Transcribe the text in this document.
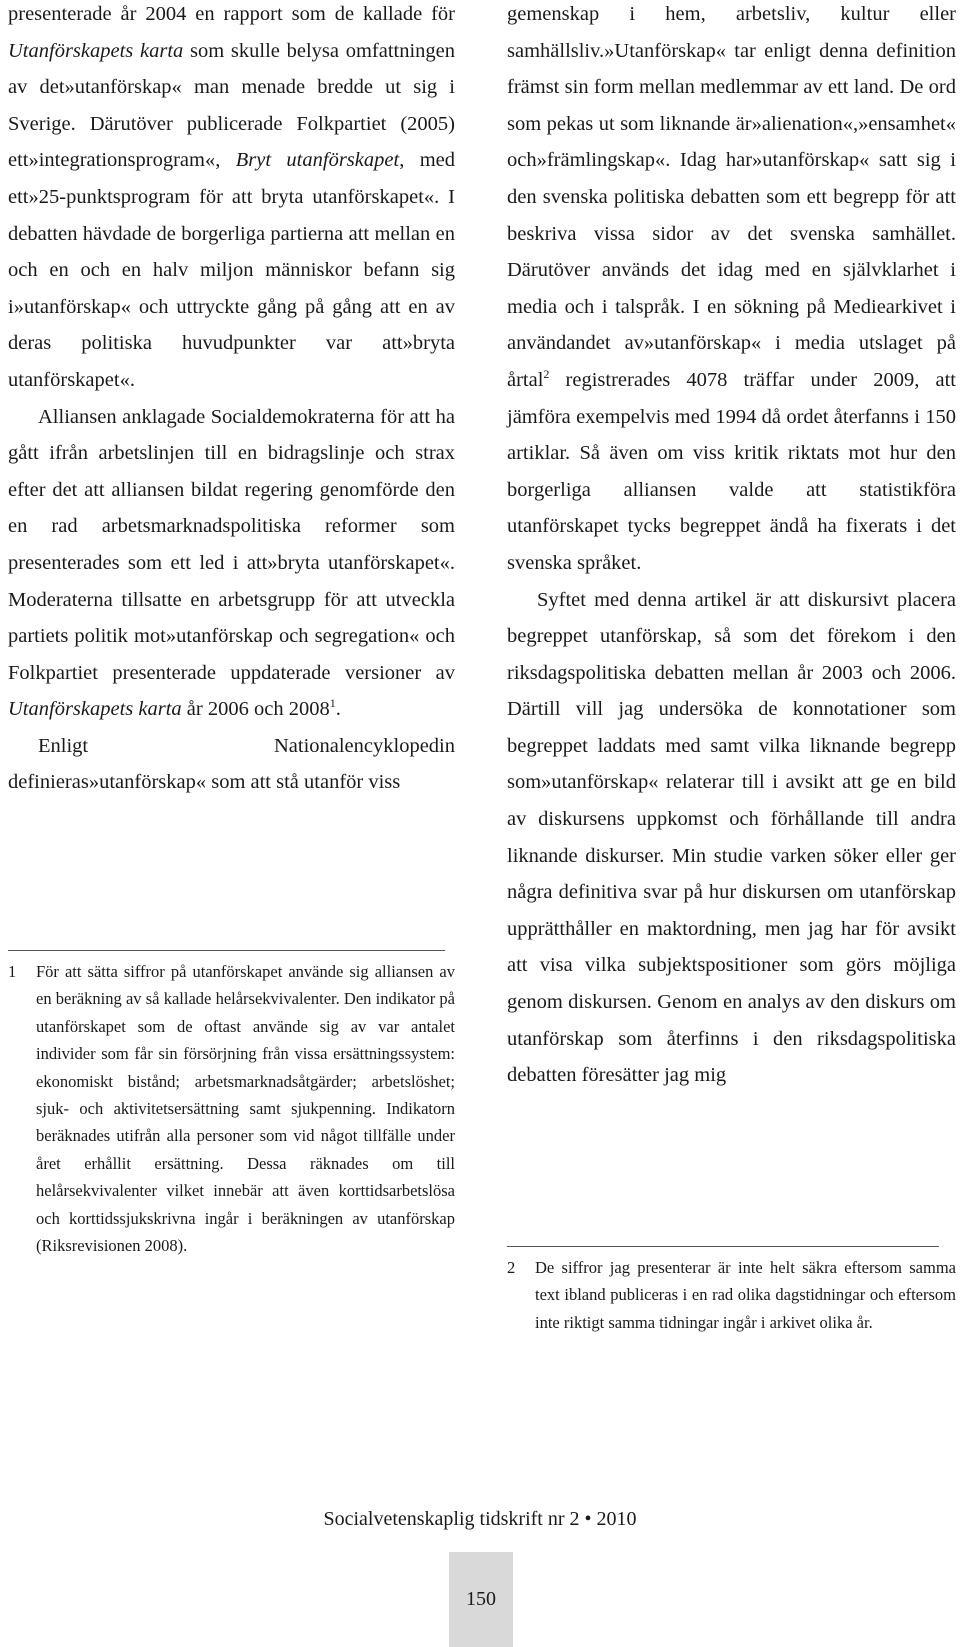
presenterade år 2004 en rapport som de kallade för Utanförskapets karta som skulle belysa omfattningen av det»utanförskap« man menade bredde ut sig i Sverige. Därutöver publicerade Folkpartiet (2005) ett»integrationsprogram«, Bryt utanförskapet, med ett»25-punktsprogram för att bryta utanförskapet«. I debatten hävdade de borgerliga partierna att mellan en och en och en halv miljon människor befann sig i»utanförskap« och uttryckte gång på gång att en av deras politiska huvudpunkter var att»bryta utanförskapet«.

Alliansen anklagade Socialdemokraterna för att ha gått ifrån arbetslinjen till en bidragslinje och strax efter det att alliansen bildat regering genomförde den en rad arbetsmarknadspolitiska reformer som presenterades som ett led i att»bryta utanförskapet«. Moderaterna tillsatte en arbetsgrupp för att utveckla partiets politik mot»utanförskap och segregation« och Folkpartiet presenterade uppdaterade versioner av Utanförskapets karta år 2006 och 2008$^1$.

Enligt Nationalencyklopedin definieras»utanförskap« som att stå utanför viss

1 För att sätta siffror på utanförskapet använde sig alliansen av en beräkning av så kallade helårsekvivalenter. Den indikator på utanförskapet som de oftast använde sig av var antalet individer som får sin försörjning från vissa ersättningssystem: ekonomiskt bistånd; arbetsmarknadsåtgärder; arbetslöshet; sjuk- och aktivitetsersättning samt sjukpenning. Indikatorn beräknades utifrån alla personer som vid något tillfälle under året erhållit ersättning. Dessa räknades om till helårsekvivalenter vilket innebär att även korttidsarbetslösa och korttidssjukskrivna ingår i beräkningen av utanförskap (Riksrevisionen 2008).

gemenskap i hem, arbetsliv, kultur eller samhällsliv.»Utanförskap« tar enligt denna definition främst sin form mellan medlemmar av ett land. De ord som pekas ut som liknande är»alienation«,»ensamhet« och»främlingskap«. Idag har»utanförskap« satt sig i den svenska politiska debatten som ett begrepp för att beskriva vissa sidor av det svenska samhället. Därutöver används det idag med en självklarhet i media och i talspråk. I en sökning på Mediearkivet i användandet av»utanförskap« i media utslaget på årtal$^2$ registrerades 4078 träffar under 2009, att jämföra exempelvis med 1994 då ordet återfanns i 150 artiklar. Så även om viss kritik riktats mot hur den borgerliga alliansen valde att statistikföra utanförskapet tycks begreppet ändå ha fixerats i det svenska språket.

Syftet med denna artikel är att diskursivt placera begreppet utanförskap, så som det förekom i den riksdagspolitiska debatten mellan år 2003 och 2006. Därtill vill jag undersöka de konnotationer som begreppet laddats med samt vilka liknande begrepp som»utanförskap« relaterar till i avsikt att ge en bild av diskursens uppkomst och förhållande till andra liknande diskurser. Min studie varken söker eller ger några definitiva svar på hur diskursen om utanförskap upprätthåller en maktordning, men jag har för avsikt att visa vilka subjektspositioner som görs möjliga genom diskursen. Genom en analys av den diskurs om utanförskap som återfinns i den riksdagspolitiska debatten föresätter jag mig

2 De siffror jag presenterar är inte helt säkra eftersom samma text ibland publiceras i en rad olika dagstidningar och eftersom inte riktigt samma tidningar ingår i arkivet olika år.
Socialvetenskaplig tidskrift nr 2 • 2010
150
